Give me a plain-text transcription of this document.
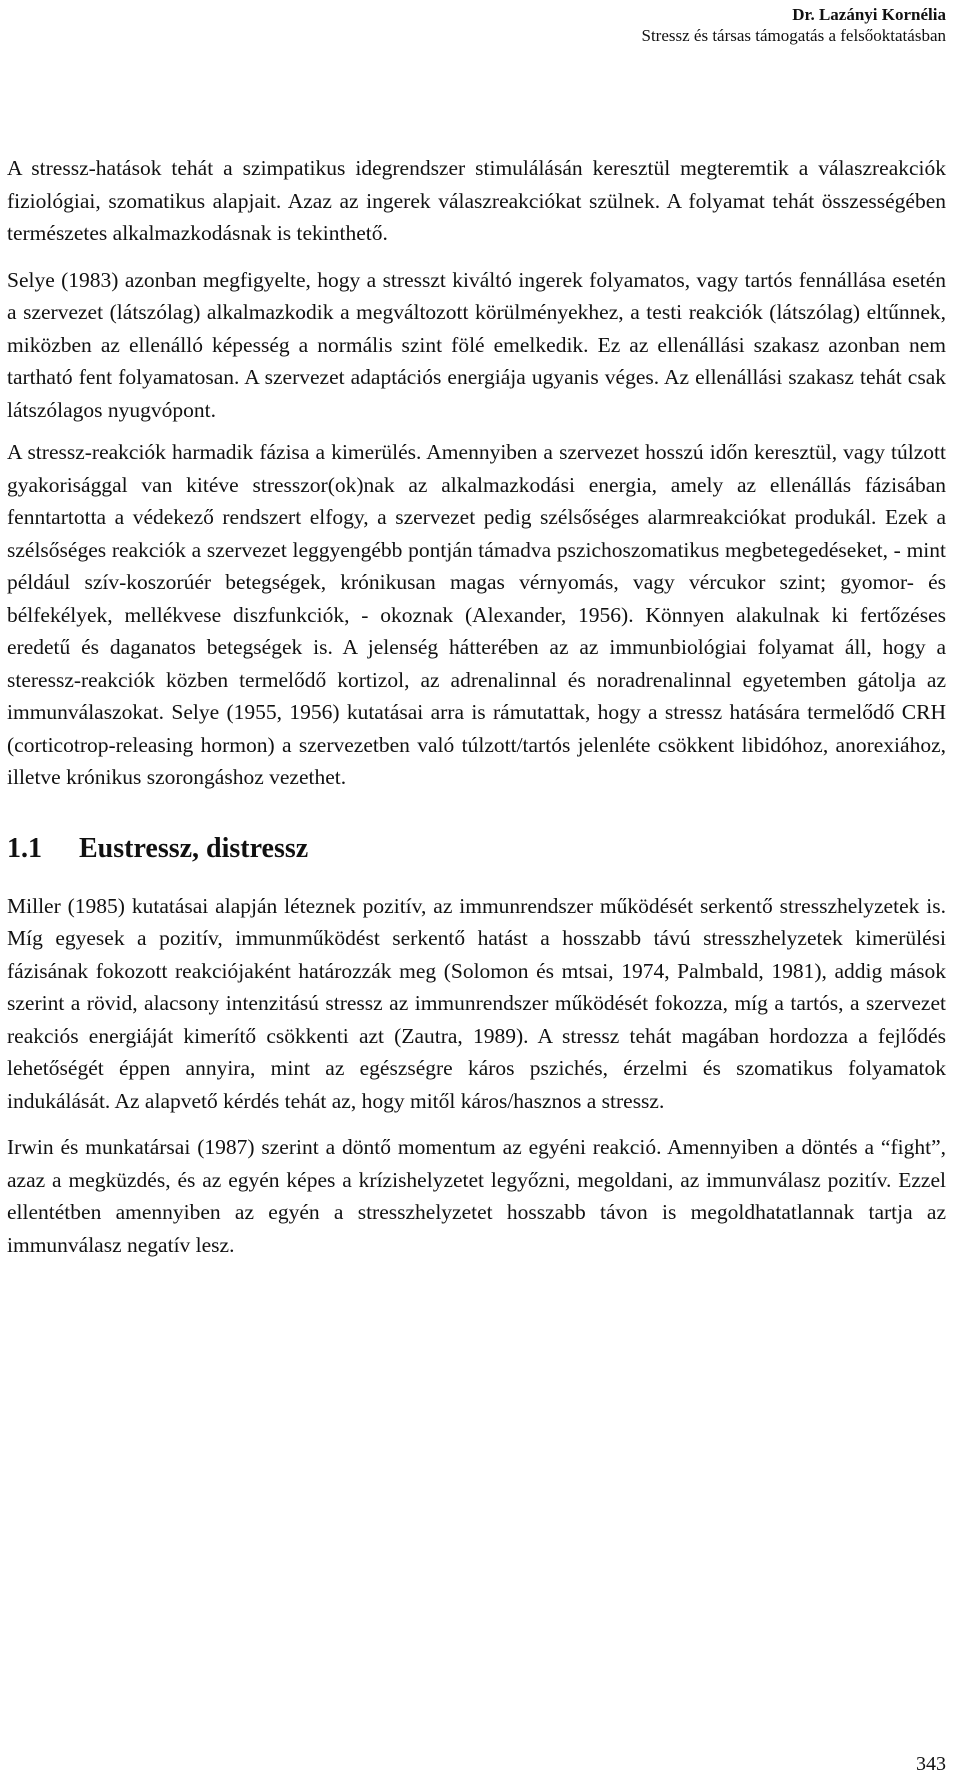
Dr. Lazányi Kornélia
Stressz és társas támogatás a felsőoktatásban

A stressz-hatások tehát a szimpatikus idegrendszer stimulálásán keresztül megteremtik a válaszreakciók fiziológiai, szomatikus alapjait. Azaz az ingerek válaszreakciókat szülnek. A folyamat tehát összességében természetes alkalmazkodásnak is tekinthető.

Selye (1983) azonban megfigyelte, hogy a stresszt kiváltó ingerek folyamatos, vagy tartós fennállása esetén a szervezet (látszólag) alkalmazkodik a megváltozott körülményekhez, a testi reakciók (látszólag) eltűnnek, miközben az ellenálló képesség a normális szint fölé emelkedik. Ez az ellenállási szakasz azonban nem tartható fent folyamatosan. A szervezet adaptációs energiája ugyanis véges. Az ellenállási szakasz tehát csak látszólagos nyugvópont.

A stressz-reakciók harmadik fázisa a kimerülés. Amennyiben a szervezet hosszú időn keresztül, vagy túlzott gyakorisággal van kitéve stresszor(ok)nak az alkalmazkodási energia, amely az ellenállás fázisában fenntartotta a védekező rendszert elfogy, a szervezet pedig szélsőséges alarmreakciókat produkál. Ezek a szélsőséges reakciók a szervezet leggyengébb pontján támadva pszichoszomatikus megbetegedéseket, - mint például szív-koszorúér betegségek, krónikusan magas vérnyomás, vagy vércukor szint; gyomor- és bélfekélyek, mellékvese diszfunkciók, - okoznak (Alexander, 1956). Könnyen alakulnak ki fertőzéses eredetű és daganatos betegségek is. A jelenség hátterében az az immunbiológiai folyamat áll, hogy a steressz-reakciók közben termelődő kortizol, az adrenalinnal és noradrenalinnal egyetemben gátolja az immunválaszokat. Selye (1955, 1956) kutatásai arra is rámutattak, hogy a stressz hatására termelődő CRH (corticotrop-releasing hormon) a szervezetben való túlzott/tartós jelenléte csökkent libidóhoz, anorexiához, illetve krónikus szorongáshoz vezethet.

1.1 Eustressz, distressz

Miller (1985) kutatásai alapján léteznek pozitív, az immunrendszer működését serkentő stresszhelyzetek is. Míg egyesek a pozitív, immunműködést serkentő hatást a hosszabb távú stresszhelyzetek kimerülési fázisának fokozott reakciójaként határozzák meg (Solomon és mtsai, 1974, Palmbald, 1981), addig mások szerint a rövid, alacsony intenzitású stressz az immunrendszer működését fokozza, míg a tartós, a szervezet reakciós energiáját kimerítő csökkenti azt (Zautra, 1989). A stressz tehát magában hordozza a fejlődés lehetőségét éppen annyira, mint az egészségre káros pszichés, érzelmi és szomatikus folyamatok indukálását. Az alapvető kérdés tehát az, hogy mitől káros/hasznos a stressz.

Irwin és munkatársai (1987) szerint a döntő momentum az egyéni reakció. Amennyiben a döntés a “fight”, azaz a megküzdés, és az egyén képes a krízishelyzetet legyőzni, megoldani, az immunválasz pozitív. Ezzel ellentétben amennyiben az egyén a stresszhelyzetet hosszabb távon is megoldhatatlannak tartja az immunválasz negatív lesz.

343
